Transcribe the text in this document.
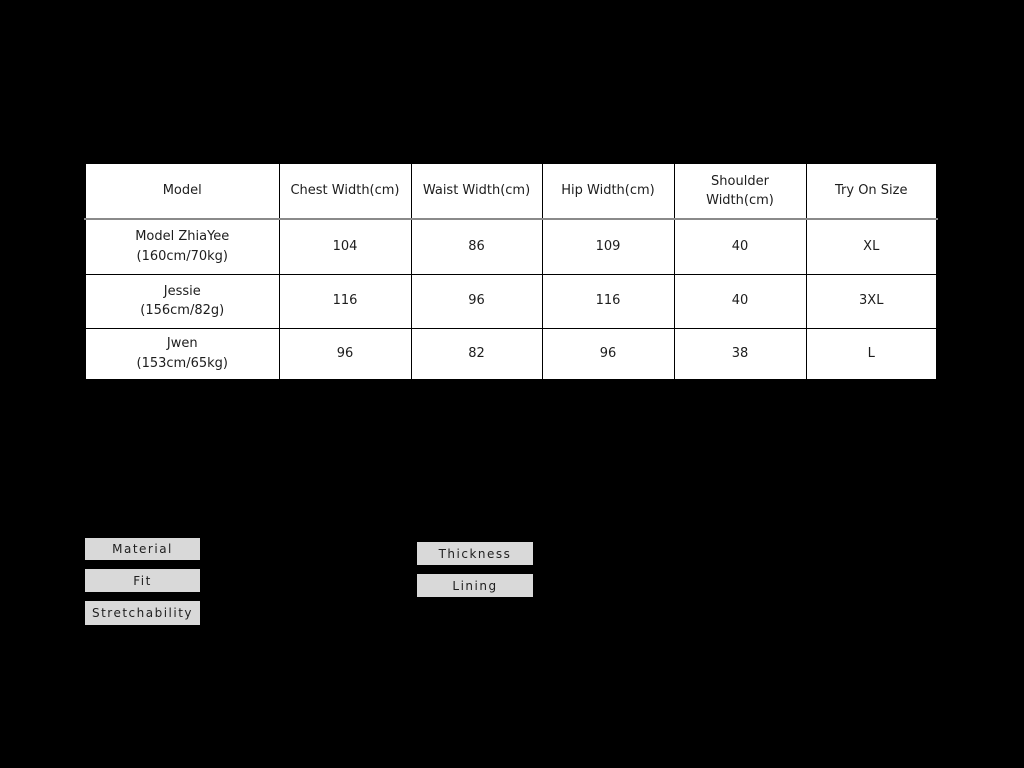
Model	Chest Width(cm)	Waist Width(cm)	Hip Width(cm)	Shoulder Width(cm)	Try On Size

Model ZhiaYee
(160cm/70kg)	104	86	109	40	XL

Jessie
(156cm/82g)	116	96	116	40	3XL

Jwen
(153cm/65kg)	96	82	96	38	L
Material
Fit
Stretchability
Thickness
Lining
